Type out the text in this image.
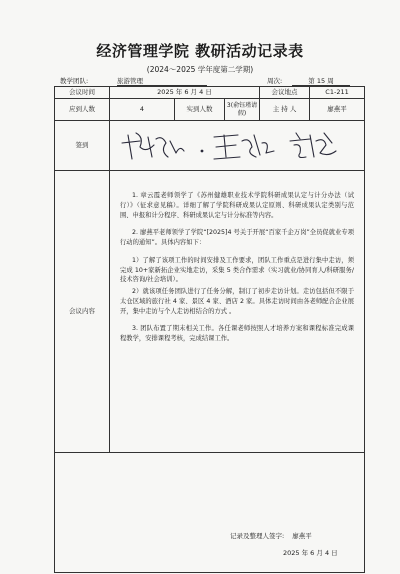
经济管理学院 教研活动记录表
(2024～2025 学年度第二学期)
教学团队:	旅游管理	周次:	第 15 周
会议时间	2025 年 6 月 4 日			会议地点	C1-211
应到人数	4	实到人数	3(俞钰瑾请假)	主 持 人	廖燕平
签到	

会议内容	1. 章云霞老师领学了《苏州健雄职业技术学院科研成果认定与计分办法（试行）》（征求意见稿）。详细了解了学院科研成果认定原则、科研成果认定类别与范围、申报和计分程序、科研成果认定与计分标准等内容。

2. 廖燕平老师领学了学院“[2025]4 号关于开展“百家千企万岗”全员促就业专项行动的通知”。具体内容如下：

1）了解了该项工作的时间安排及工作要求，团队工作重点是进行集中走访，须完成 10+家新拓企业实地走访，采集 5 类合作需求（实习就业/协同育人/科研服务/技术咨询/社会培训）。

2）就该项任务团队进行了任务分解，制订了初步走访计划。走访包括但不限于太仓区域的旅行社 4 家、景区 4 家、酒店 2 家。具体走访时间由各老师配合企业展开，集中走访与个人走访相结合的方式 。

3. 团队布置了期末相关工作。各任课老师按照人才培养方案和课程标准完成课程教学，安排课程考核，完成结课工作。				

记录及整理人签字: 廖燕平
2025 年 6 月 4 日					
